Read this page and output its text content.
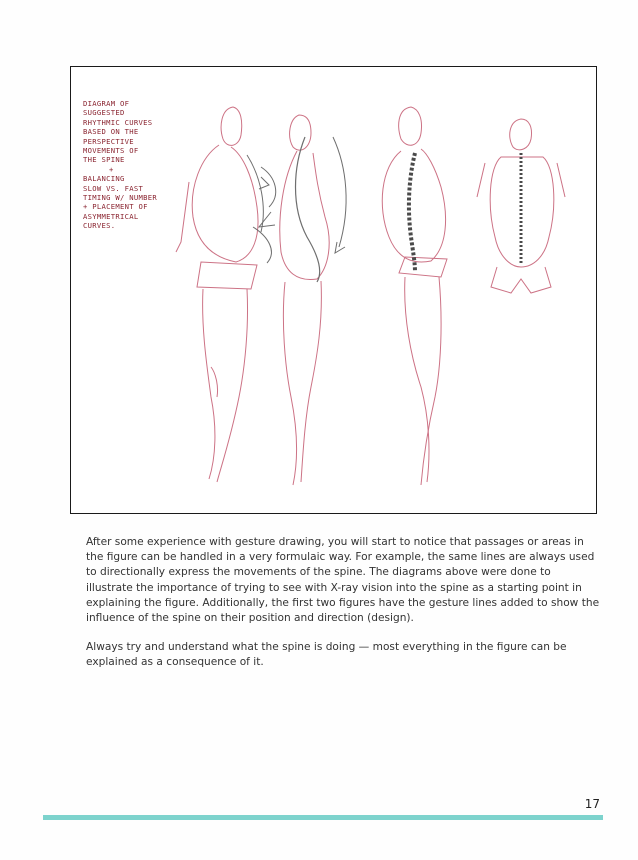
DIAGRAM OF
SUGGESTED
RHYTHMIC CURVES
BASED ON THE
PERSPECTIVE
MOVEMENTS OF
THE SPINE
+
BALANCING
SLOW VS. FAST
TIMING W/ NUMBER
+ PLACEMENT OF
ASYMMETRICAL
CURVES.

After some experience with gesture drawing, you will start to notice that passages or areas in the figure can be handled in a very formulaic way. For example, the same lines are always used to directionally express the movements of the spine. The diagrams above were done to illustrate the importance of trying to see with X-ray vision into the spine as a starting point in explaining the figure. Additionally, the first two figures have the gesture lines added to show the influence of the spine on their position and direction (design).

Always try and understand what the spine is doing — most everything in the figure can be explained as a consequence of it.

17
